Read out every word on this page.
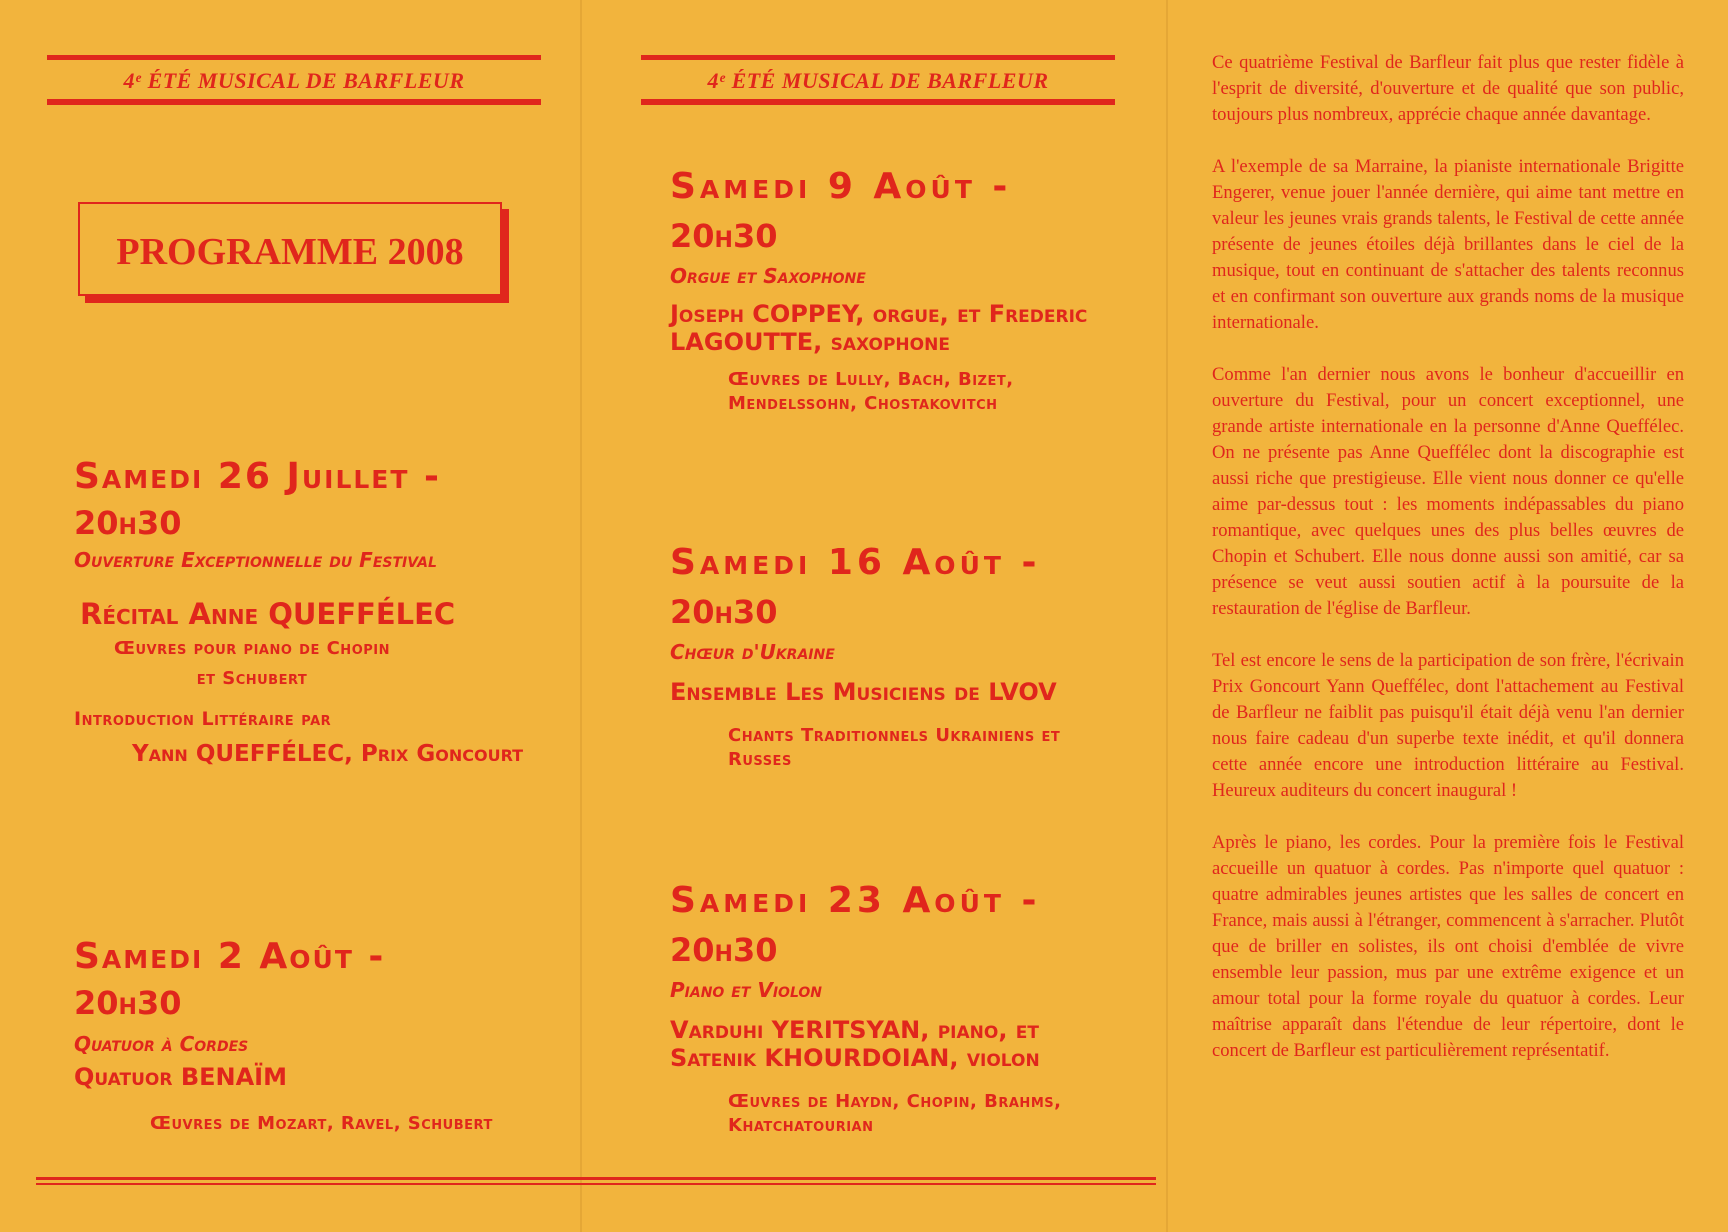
4ᵉ ÉTÉ MUSICAL DE BARFLEUR
PROGRAMME 2008
Samedi 26 Juillet -
20h30
Ouverture Exceptionnelle du Festival
Récital Anne QUEFFÉLEC
Œuvres pour piano de Chopin
et Schubert
Introduction Littéraire par
Yann QUEFFÉLEC, Prix Goncourt
Samedi 2 Août -
20h30
Quatuor à Cordes
Quatuor BENAÏM
Œuvres de Mozart, Ravel, Schubert
4ᵉ ÉTÉ MUSICAL DE BARFLEUR
Samedi 9 Août -
20h30
Orgue et Saxophone
Joseph COPPEY, orgue, et Frederic
LAGOUTTE, saxophone
Œuvres de Lully, Bach, Bizet,
Mendelssohn, Chostakovitch
Samedi 16 Août -
20h30
Chœur d'Ukraine
Ensemble Les Musiciens de LVOV
Chants Traditionnels Ukrainiens et
Russes
Samedi 23 Août -
20h30
Piano et Violon
Varduhi YERITSYAN, piano, et
Satenik KHOURDOIAN, violon
Œuvres de Haydn, Chopin, Brahms,
Khatchatourian

Ce quatrième Festival de Barfleur fait plus que rester fidèle à l'esprit de diversité, d'ouverture et de qualité que son public, toujours plus nombreux, apprécie chaque année davantage.

A l'exemple de sa Marraine, la pianiste internationale Brigitte Engerer, venue jouer l'année dernière, qui aime tant mettre en valeur les jeunes vrais grands talents, le Festival de cette année présente de jeunes étoiles déjà brillantes dans le ciel de la musique, tout en continuant de s'attacher des talents reconnus et en confirmant son ouverture aux grands noms de la musique internationale.

Comme l'an dernier nous avons le bonheur d'accueillir en ouverture du Festival, pour un concert exceptionnel, une grande artiste internationale en la personne d'Anne Queffélec. On ne présente pas Anne Queffélec dont la discographie est aussi riche que prestigieuse. Elle vient nous donner ce qu'elle aime par-dessus tout : les moments indépassables du piano romantique, avec quelques unes des plus belles œuvres de Chopin et Schubert. Elle nous donne aussi son amitié, car sa présence se veut aussi soutien actif à la poursuite de la restauration de l'église de Barfleur.

Tel est encore le sens de la participation de son frère, l'écrivain Prix Goncourt Yann Queffélec, dont l'attachement au Festival de Barfleur ne faiblit pas puisqu'il était déjà venu l'an dernier nous faire cadeau d'un superbe texte inédit, et qu'il donnera cette année encore une introduction littéraire au Festival. Heureux auditeurs du concert inaugural !

Après le piano, les cordes. Pour la première fois le Festival accueille un quatuor à cordes. Pas n'importe quel quatuor : quatre admirables jeunes artistes que les salles de concert en France, mais aussi à l'étranger, commencent à s'arracher. Plutôt que de briller en solistes, ils ont choisi d'emblée de vivre ensemble leur passion, mus par une extrême exigence et un amour total pour la forme royale du quatuor à cordes. Leur maîtrise apparaît dans l'étendue de leur répertoire, dont le concert de Barfleur est particulièrement représentatif.
